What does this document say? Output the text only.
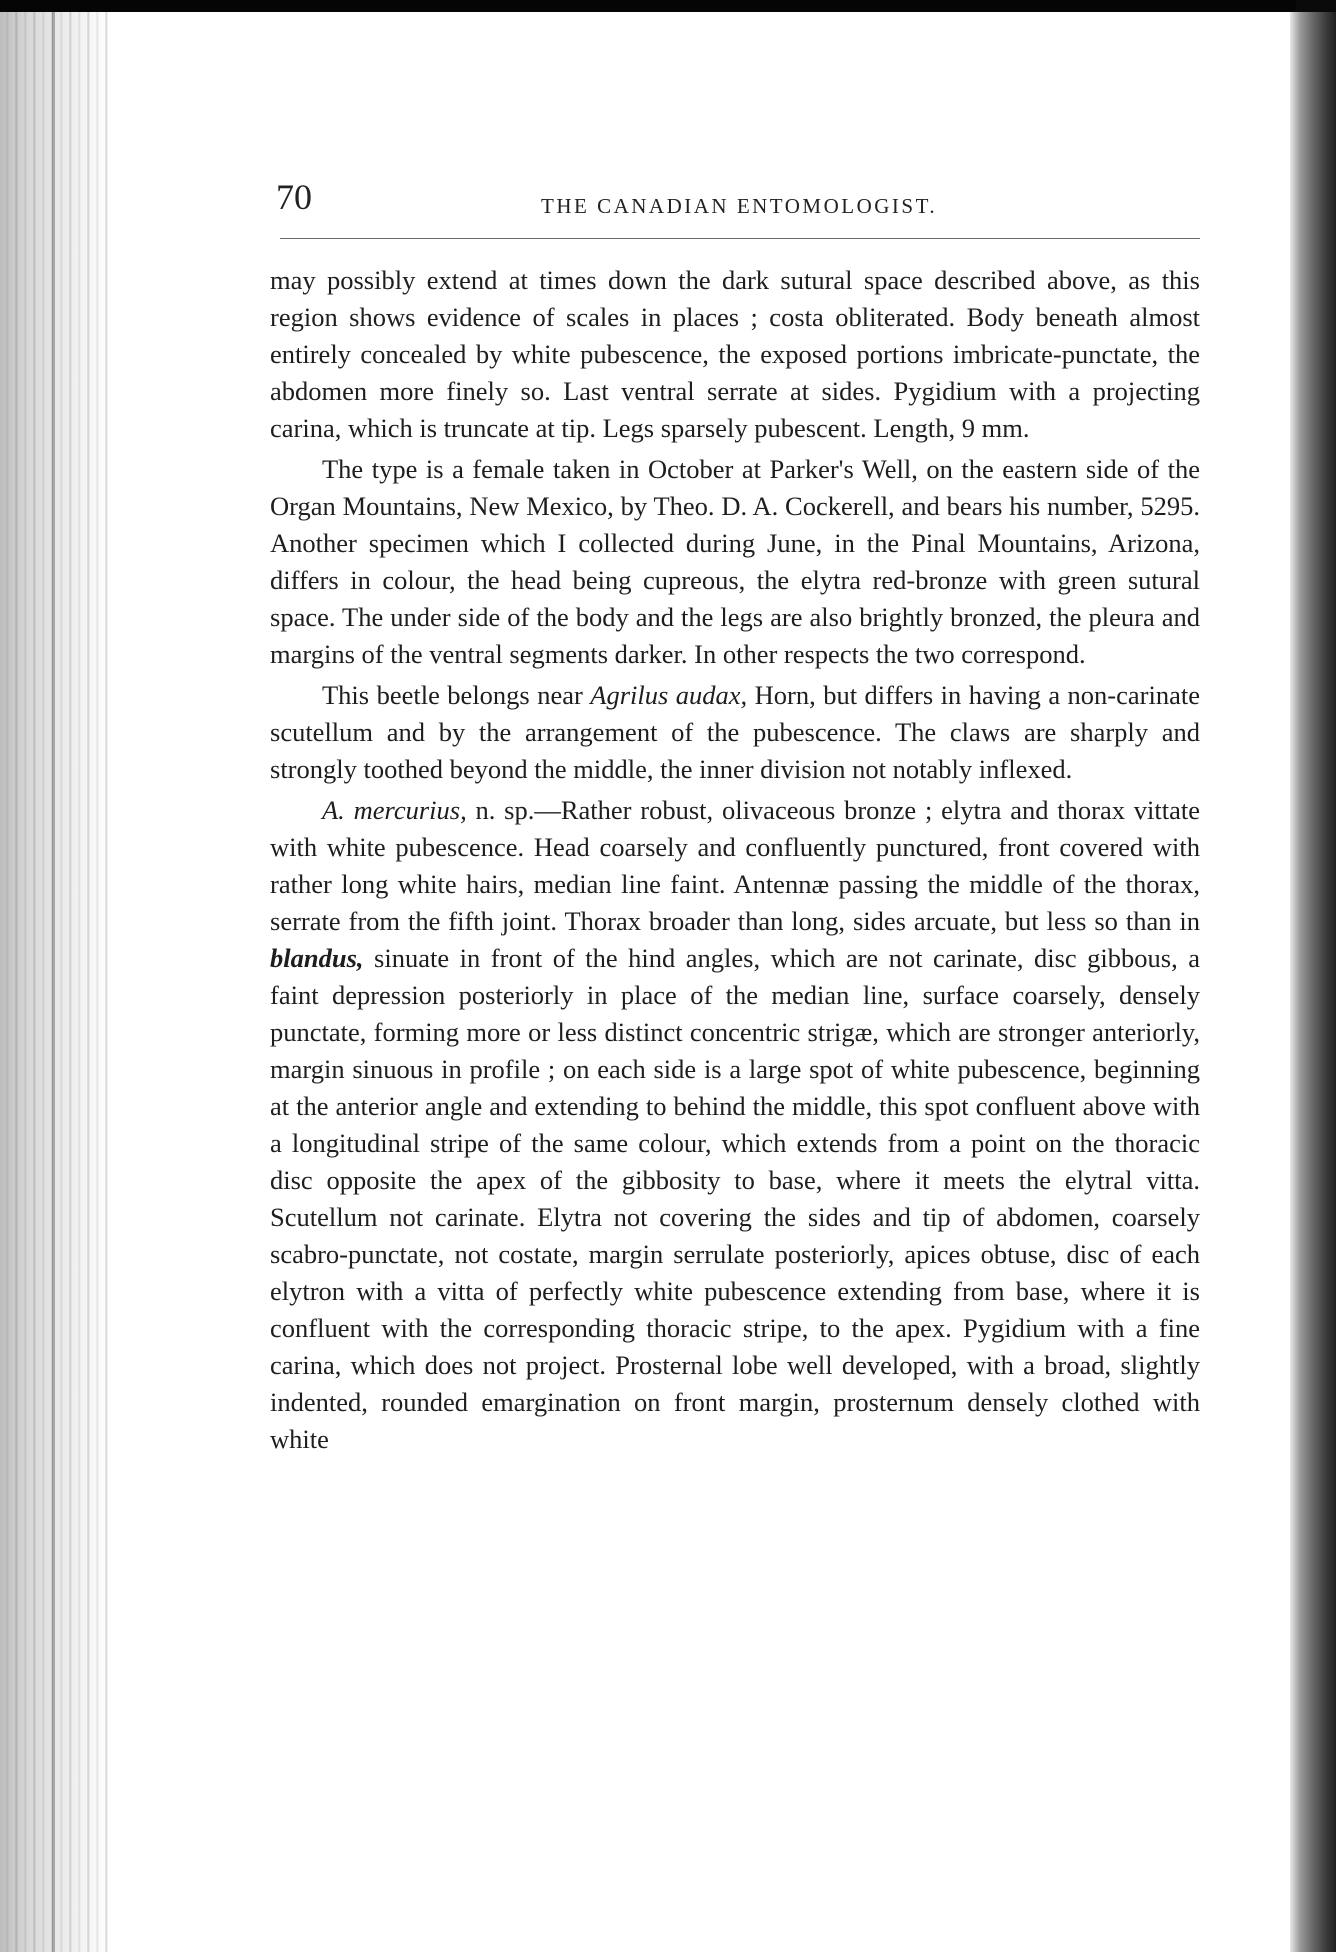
70	THE CANADIAN ENTOMOLOGIST.

may possibly extend at times down the dark sutural space described above, as this region shows evidence of scales in places ; costa obliterated. Body beneath almost entirely concealed by white pubescence, the exposed portions imbricate-punctate, the abdomen more finely so. Last ventral serrate at sides. Pygidium with a projecting carina, which is truncate at tip. Legs sparsely pubescent. Length, 9 mm.

The type is a female taken in October at Parker's Well, on the eastern side of the Organ Mountains, New Mexico, by Theo. D. A. Cockerell, and bears his number, 5295. Another specimen which I collected during June, in the Pinal Mountains, Arizona, differs in colour, the head being cupreous, the elytra red-bronze with green sutural space. The under side of the body and the legs are also brightly bronzed, the pleura and margins of the ventral segments darker. In other respects the two correspond.

This beetle belongs near Agrilus audax, Horn, but differs in having a non-carinate scutellum and by the arrangement of the pubescence. The claws are sharply and strongly toothed beyond the middle, the inner division not notably inflexed.

A. mercurius, n. sp.—Rather robust, olivaceous bronze ; elytra and thorax vittate with white pubescence. Head coarsely and confluently punctured, front covered with rather long white hairs, median line faint. Antennæ passing the middle of the thorax, serrate from the fifth joint. Thorax broader than long, sides arcuate, but less so than in blandus, sinuate in front of the hind angles, which are not carinate, disc gibbous, a faint depression posteriorly in place of the median line, surface coarsely, densely punctate, forming more or less distinct concentric strigæ, which are stronger anteriorly, margin sinuous in profile ; on each side is a large spot of white pubescence, beginning at the anterior angle and extending to behind the middle, this spot confluent above with a longitudinal stripe of the same colour, which extends from a point on the thoracic disc opposite the apex of the gibbosity to base, where it meets the elytral vitta. Scutellum not carinate. Elytra not covering the sides and tip of abdomen, coarsely scabro-punctate, not costate, margin serrulate posteriorly, apices obtuse, disc of each elytron with a vitta of perfectly white pubescence extending from base, where it is confluent with the corresponding thoracic stripe, to the apex. Pygidium with a fine carina, which does not project. Prosternal lobe well developed, with a broad, slightly indented, rounded emargination on front margin, prosternum densely clothed with white
